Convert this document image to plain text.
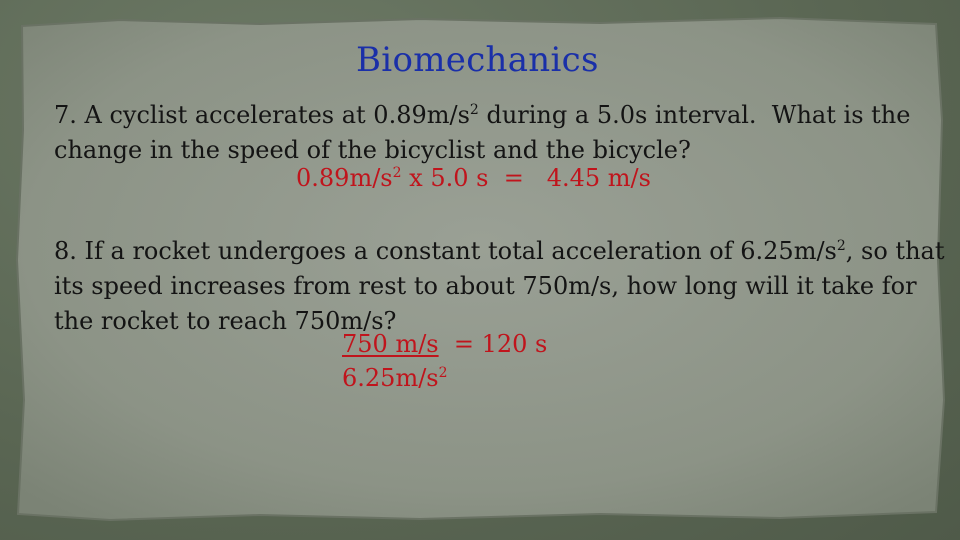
Biomechanics
7. A cyclist accelerates at $0.89m/s^2$ during a 5.0s interval.  What is the
change in the speed of the bicyclist and the bicycle?
$0.89m/s^2$ x 5.0 s  =   4.45 m/s
8. If a rocket undergoes a constant total acceleration of $6.25m/s^2$, so that
its speed increases from rest to about 750m/s, how long will it take for
the rocket to reach 750m/s?
750 m/s  = 120 s
$6.25m/s^2$
